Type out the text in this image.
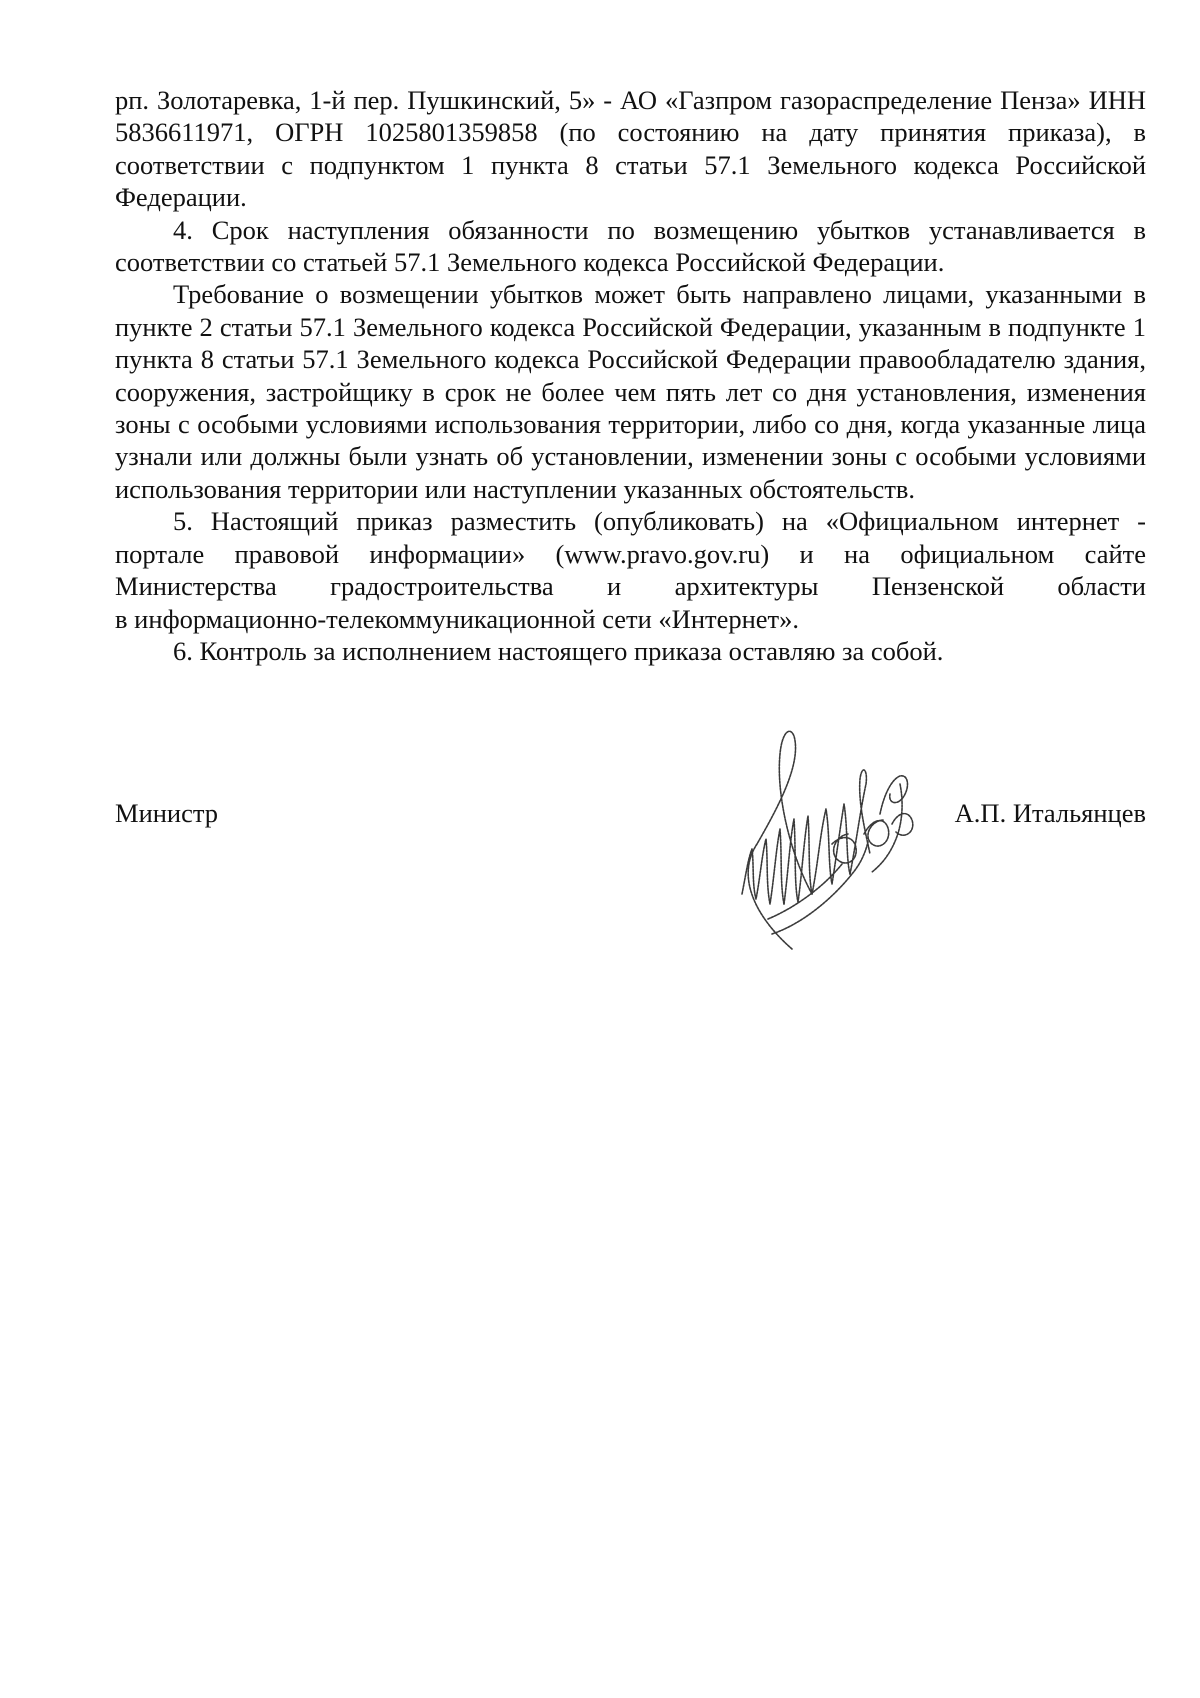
рп. Золотаревка, 1-й пер. Пушкинский, 5» - АО «Газпром газораспределение Пенза» ИНН 5836611971, ОГРН 1025801359858 (по состоянию на дату принятия приказа), в соответствии с подпунктом 1 пункта 8 статьи 57.1 Земельного кодекса Российской Федерации.

4. Срок наступления обязанности по возмещению убытков устанавливается в соответствии со статьей 57.1 Земельного кодекса Российской Федерации.

Требование о возмещении убытков может быть направлено лицами, указанными в пункте 2 статьи 57.1 Земельного кодекса Российской Федерации, указанным в подпункте 1 пункта 8 статьи 57.1 Земельного кодекса Российской Федерации правообладателю здания, сооружения, застройщику в срок не более чем пять лет со дня установления, изменения зоны с особыми условиями использования территории, либо со дня, когда указанные лица узнали или должны были узнать об установлении, изменении зоны с особыми условиями использования территории или наступлении указанных обстоятельств.

5. Настоящий приказ разместить (опубликовать) на «Официальном интернет - портале правовой информации» (www.pravo.gov.ru) и на официальном сайте Министерства градостроительства и архитектуры Пензенской области

в информационно-телекоммуникационной сети «Интернет».

6. Контроль за исполнением настоящего приказа оставляю за собой.

Министр	А.П. Итальянцев
